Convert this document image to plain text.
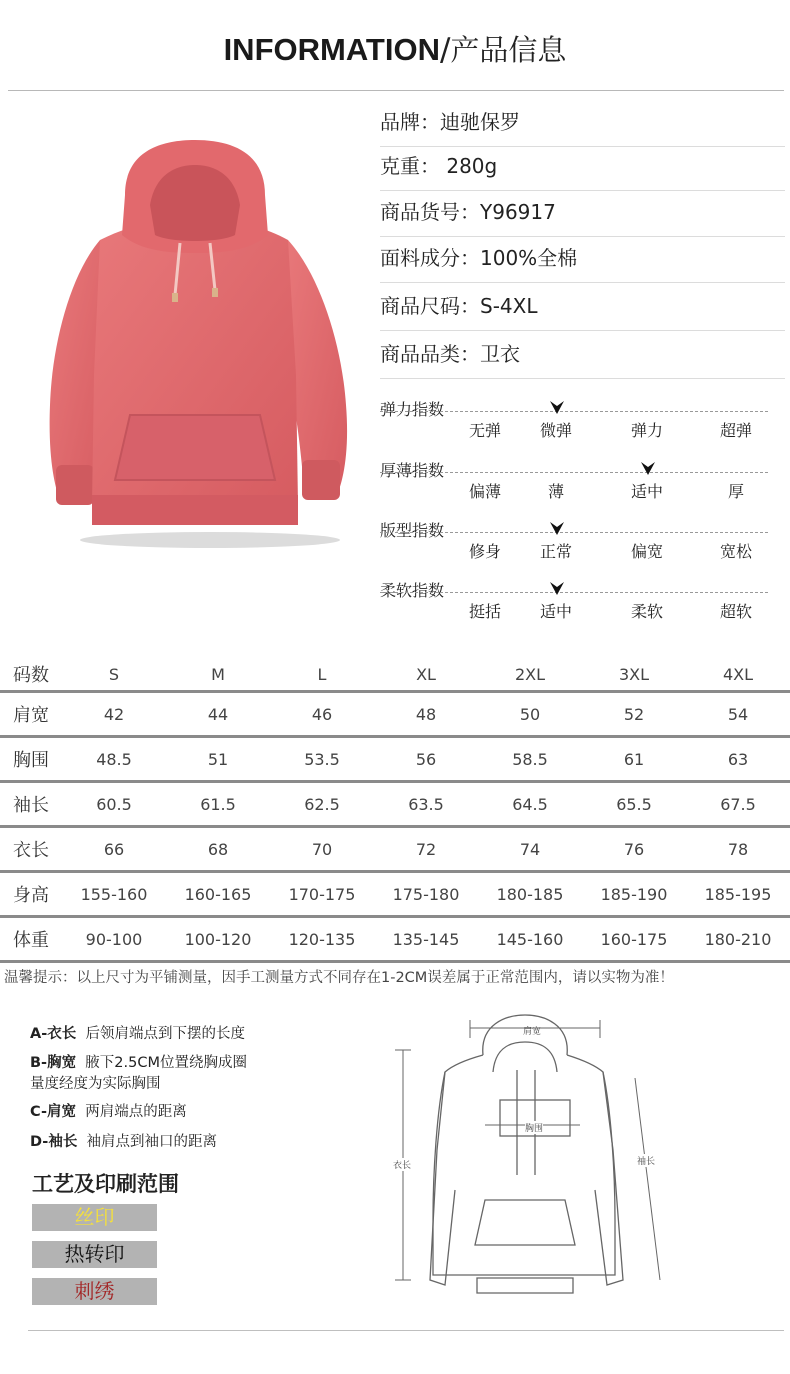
INFORMATION/产品信息
品牌：迪驰保罗
克重： 280g
商品货号：Y96917
面料成分：100%全棉
商品尺码：S-4XL
商品品类：卫衣
弹力指数
无弹	微弹	弹力	超弹
厚薄指数
偏薄	薄	适中	厚
版型指数
修身	正常	偏宽	宽松
柔软指数
挺括	适中	柔软	超软
码数	S	M	L	XL	2XL	3XL	4XL
肩宽	42	44	46	48	50	52	54
胸围	48.5	51	53.5	56	58.5	61	63
袖长	60.5	61.5	62.5	63.5	64.5	65.5	67.5
衣长	66	68	70	72	74	76	78
身高	155-160	160-165	170-175	175-180	180-185	185-190	185-195
体重	90-100	100-120	120-135	135-145	145-160	160-175	180-210
温馨提示：以上尺寸为平铺测量，因手工测量方式不同存在1-2CM误差属于正常范围内，请以实物为准！
A-衣长 后领肩端点到下摆的长度
B-胸宽 腋下2.5CM位置绕胸成圈
量度经度为实际胸围
C-肩宽 两肩端点的距离
D-袖长 袖肩点到袖口的距离
工艺及印刷范围
丝印
热转印
刺绣
肩宽
胸围
衣长	袖长
